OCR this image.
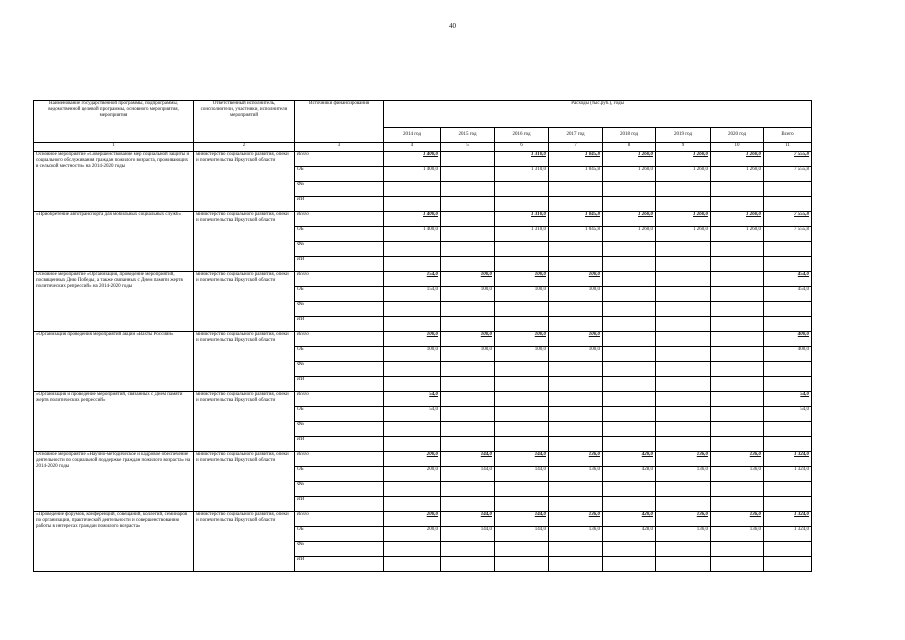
40
Наименование государственной программы, подпрограммы, ведомственной целевой программы, основного мероприятия, мероприятия	Ответственный исполнитель, соисполнители, участники, исполнители мероприятий	Источники финансирования	Расходы (тыс.руб.), годы							
			2014 год	2015 год	2016 год	2017 год	2018 год	2019 год	2020 год	Всего
1	2	3	4	5	6	7	8	9	10	11
Основное мероприятие «Совершенствование мер социальной защиты и социального обслуживания граждан пожилого возраста, проживающих в сельской местности» на 2014-2020 годы	министерство социального развития, опеки и попечительства Иркутской области	Всего	1 400,0		1 310,0	1 045,8	1 260,0	1 260,0	1 260,0	7 555,8
		ОБ	1 400,0		1 310,0	1 045,8	1 260,0	1 260,0	1 260,0	7 555,8
		ФБ								
		ИИ								
«Приобретение автотранспорта для мобильных социальных служб»	министерство социального развития, опеки и попечительства Иркутской области	Всего	1 400,0		1 310,0	1 045,8	1 260,0	1 260,0	1 260,0	7 555,8
		ОБ	1 400,0		1 310,0	1 045,8	1 260,0	1 260,0	1 260,0	7 555,8
		ФБ								
		ИИ								
Основное мероприятие «Организация, проведение мероприятий, посвященных Дню Победы, а также связанных с Днем памяти жертв политических репрессий» на 2014-2020 годы	министерство социального развития, опеки и попечительства Иркутской области	Всего	154,0	100,0	100,0	100,0				454,0
		ОБ	154,0	100,0	100,0	100,0				454,0
		ФБ								
		ИИ								
«Организация проведения мероприятий акции «Вахты Россиян»	министерство социального развития, опеки и попечительства Иркутской области	Всего	100,0	100,0	100,0	100,0				400,0
		ОБ	100,0	100,0	100,0	100,0				400,0
		ФБ								
		ИИ								
«Организация и проведение мероприятий, связанных с Днем памяти жертв политических репрессий»	министерство социального развития, опеки и попечительства Иркутской области	Всего	54,0							54,0
		ОБ	54,0							54,0
		ФБ								
		ИИ								
Основное мероприятие «Научно-методическое и кадровое обеспечение деятельности по социальной поддержке граждан пожилого возраста» на 2014-2020 годы	министерство социального развития, опеки и попечительства Иркутской области	Всего	200,0	144,0	144,0	136,0	428,0	136,0	136,0	1 324,0
		ОБ	200,0	144,0	144,0	136,0	428,0	136,0	136,0	1 324,0
		ФБ								
		ИИ								
«Проведение форумов, конференций, совещаний, коллегий, семинаров по организации, практической деятельности и совершенствованию работы в интересах граждан пожилого возраста»	министерство социального развития, опеки и попечительства Иркутской области	Всего	200,0	144,0	144,0	136,0	428,0	136,0	136,0	1 324,0
		ОБ	200,0	144,0	144,0	136,0	428,0	136,0	136,0	1 324,0
		ФБ								
		ИИ								
